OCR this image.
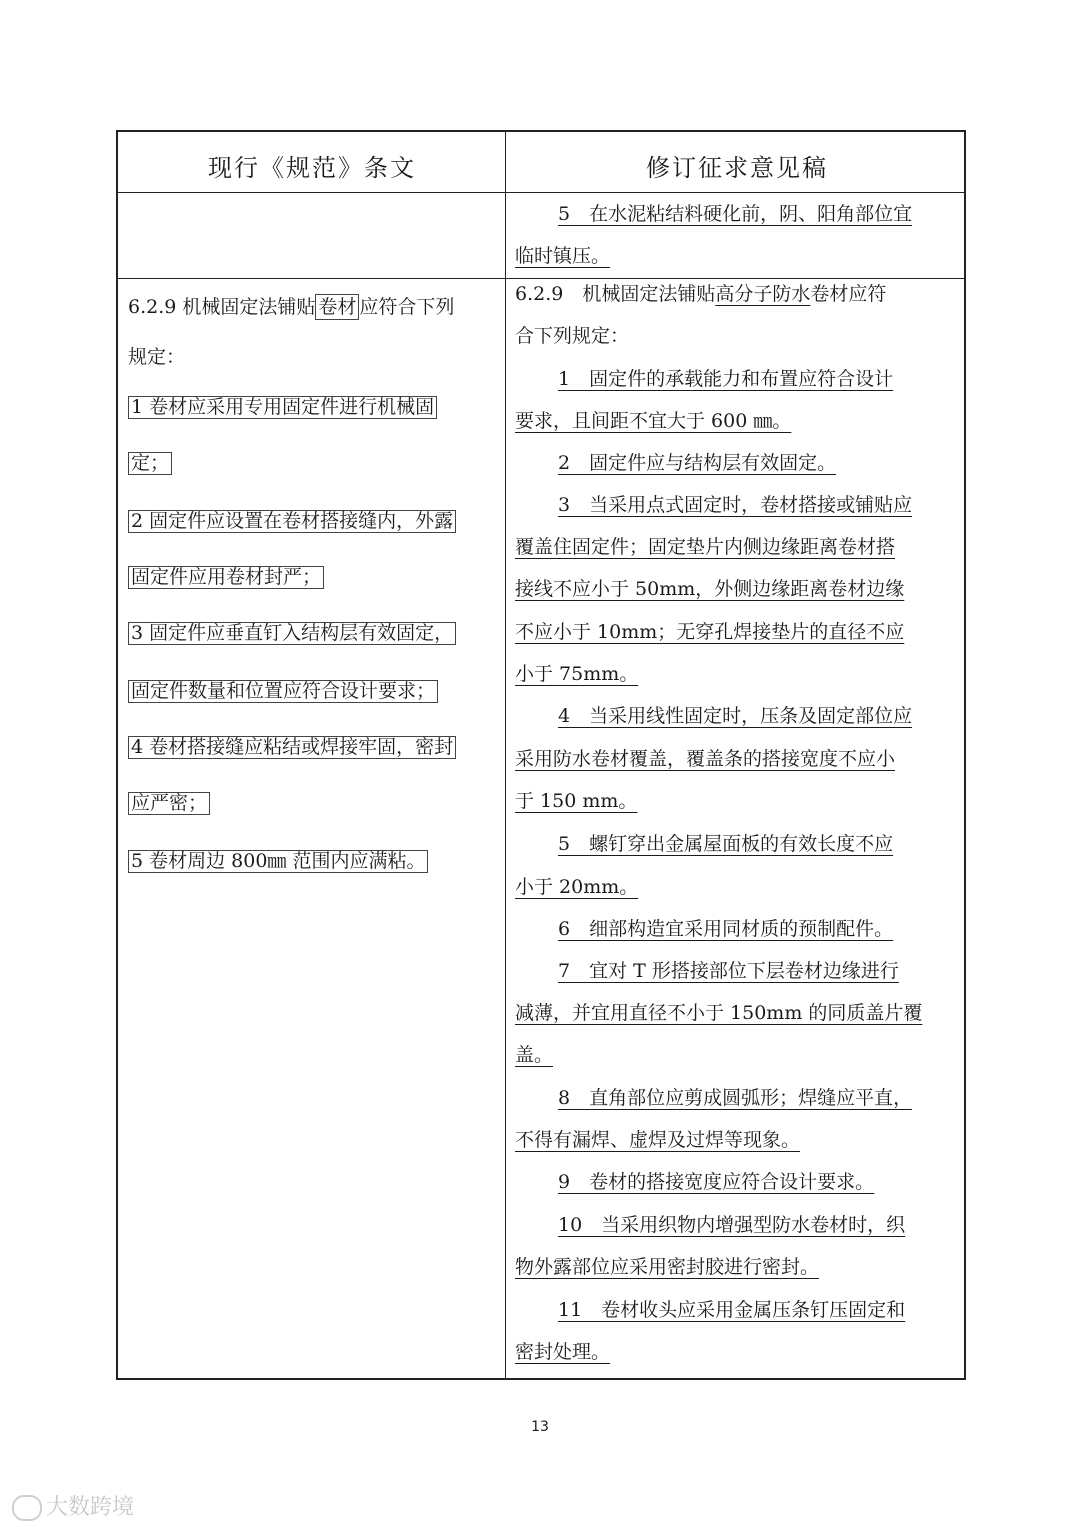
现行《规范》条文
6.2.9 机械固定法铺贴 卷材 应符合下列
规定：
1 卷材应采用专用固定件进行机械固
定；
2 固定件应设置在卷材搭接缝内，外露
固定件应用卷材封严；
3 固定件应垂直钉入结构层有效固定，
固定件数量和位置应符合设计要求；
4 卷材搭接缝应粘结或焊接牢固，密封
应严密；
5 卷材周边 800㎜ 范围内应满粘。
修订征求意见稿
5　在水泥粘结料硬化前，阴、阳角部位宜
临时镇压。
6.2.9　机械固定法铺贴高分子防水卷材应符
合下列规定：
1　固定件的承载能力和布置应符合设计
要求，且间距不宜大于 600 ㎜。
2　固定件应与结构层有效固定。
3　当采用点式固定时，卷材搭接或铺贴应
覆盖住固定件；固定垫片内侧边缘距离卷材搭
接线不应小于 50mm，外侧边缘距离卷材边缘
不应小于 10mm；无穿孔焊接垫片的直径不应
小于 75mm。
4　当采用线性固定时，压条及固定部位应
采用防水卷材覆盖，覆盖条的搭接宽度不应小
于 150 mm。
5　螺钉穿出金属屋面板的有效长度不应
小于 20mm。
6　细部构造宜采用同材质的预制配件。
7　宜对 T 形搭接部位下层卷材边缘进行
减薄，并宜用直径不小于 150mm 的同质盖片覆
盖。
8　直角部位应剪成圆弧形；焊缝应平直，
不得有漏焊、虚焊及过焊等现象。
9　卷材的搭接宽度应符合设计要求。
10　当采用织物内增强型防水卷材时，织
物外露部位应采用密封胶进行密封。
11　卷材收头应采用金属压条钉压固定和
密封处理。
13
大数跨境
